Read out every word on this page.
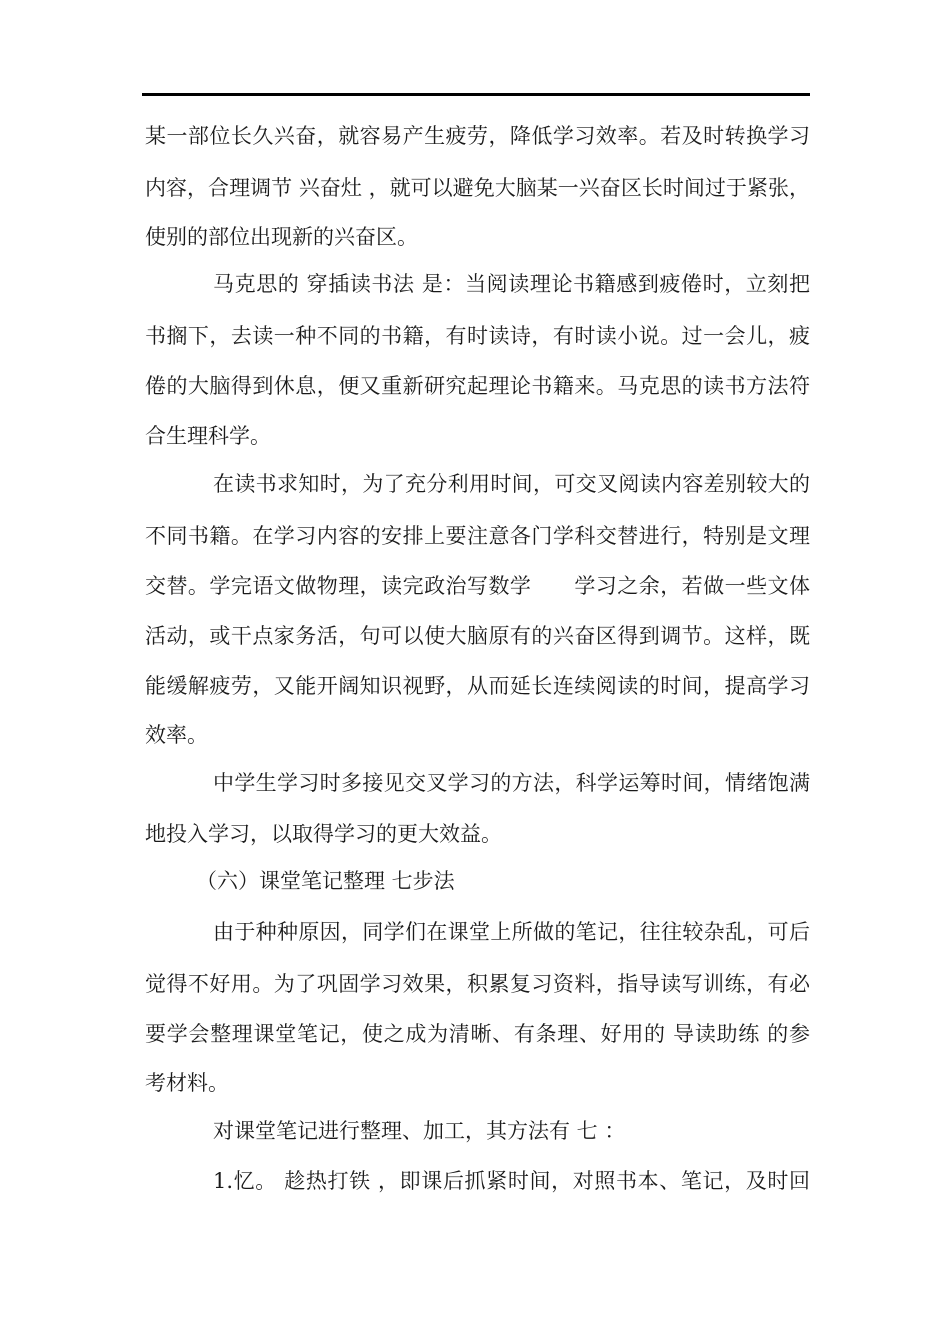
某一部位长久兴奋，就容易产生疲劳，降低学习效率。若及时转换学习
内容，合理调节 兴奋灶 ，就可以避免大脑某一兴奋区长时间过于紧张，
使别的部位出现新的兴奋区。
马克思的 穿插读书法 是：当阅读理论书籍感到疲倦时，立刻把
书搁下，去读一种不同的书籍，有时读诗，有时读小说。过一会儿，疲
倦的大脑得到休息，便又重新研究起理论书籍来。马克思的读书方法符
合生理科学。
在读书求知时，为了充分利用时间，可交叉阅读内容差别较大的
不同书籍。在学习内容的安排上要注意各门学科交替进行，特别是文理
交替。学完语文做物理，读完政治写数学　　学习之余，若做一些文体
活动，或干点家务活，句可以使大脑原有的兴奋区得到调节。这样，既
能缓解疲劳，又能开阔知识视野，从而延长连续阅读的时间，提高学习
效率。
中学生学习时多接见交叉学习的方法，科学运筹时间，情绪饱满
地投入学习，以取得学习的更大效益。
（六）课堂笔记整理 七步法
由于种种原因，同学们在课堂上所做的笔记，往往较杂乱，可后
觉得不好用。为了巩固学习效果，积累复习资料，指导读写训练，有必
要学会整理课堂笔记，使之成为清晰、有条理、好用的 导读助练 的参
考材料。
对课堂笔记进行整理、加工，其方法有 七 ：
1.忆。 趁热打铁 ，即课后抓紧时间，对照书本、笔记，及时回
